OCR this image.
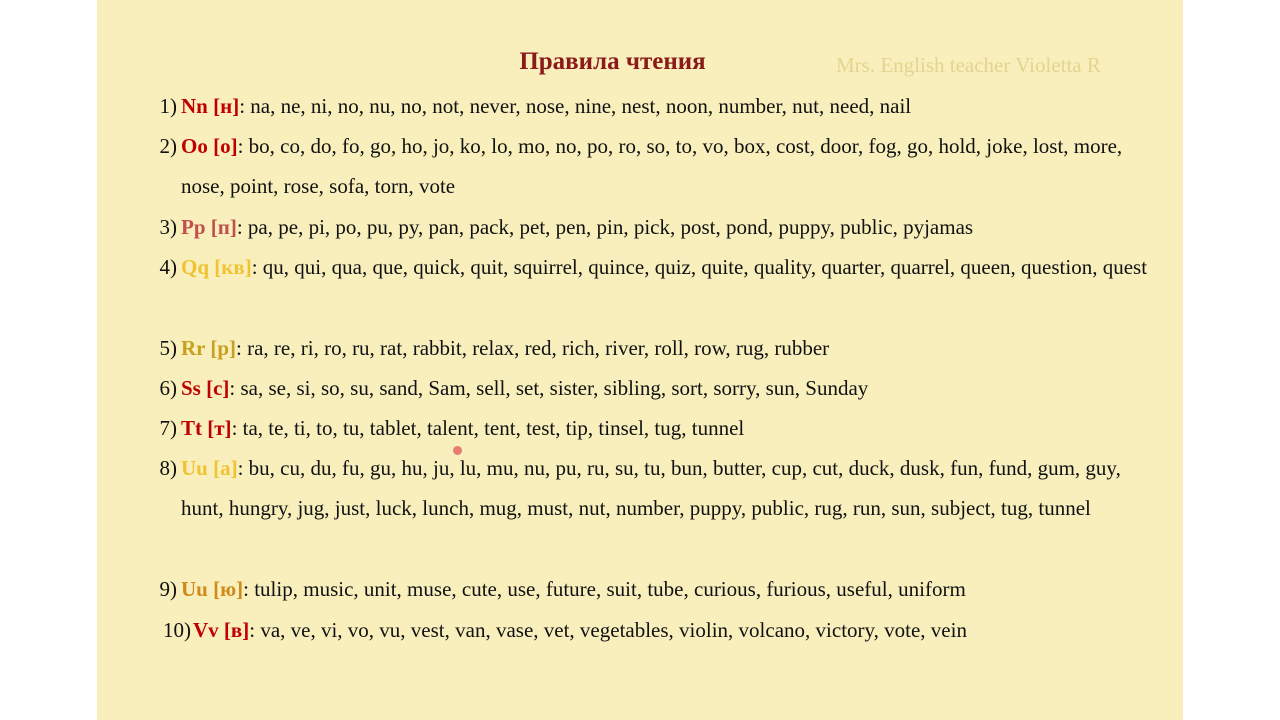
Правила чтения	Mrs. English teacher Violetta R
1) Nn [н]: na, ne, ni, no, nu, no, not, never, nose, nine, nest, noon, number, nut, need, nail
2) Oo [о]: bo, co, do, fo, go, ho, jo, ko, lo, mo, no, po, ro, so, to, vo, box, cost, door, fog, go, hold, joke, lost, more, nose, point, rose, sofa, torn, vote
3) Pp [п]: pa, pe, pi, po, pu, py, pan, pack, pet, pen, pin, pick, post, pond, puppy, public, pyjamas
4) Qq [кв]: qu, qui, qua, que, quick, quit, squirrel, quince, quiz, quite, quality, quarter, quarrel, queen, question, quest
5) Rr [р]: ra, re, ri, ro, ru, rat, rabbit, relax, red, rich, river, roll, row, rug, rubber
6) Ss [c]: sa, se, si, so, su, sand, Sam, sell, set, sister, sibling, sort, sorry, sun, Sunday
7) Tt [т]: ta, te, ti, to, tu, tablet, talent, tent, test, tip, tinsel, tug, tunnel
8) Uu [а]: bu, cu, du, fu, gu, hu, ju, lu, mu, nu, pu, ru, su, tu, bun, butter, cup, cut, duck, dusk, fun, fund, gum, guy, hunt, hungry, jug, just, luck, lunch, mug, must, nut, number, puppy, public, rug, run, sun, subject, tug, tunnel
9) Uu [ю]: tulip, music, unit, muse, cute, use, future, suit, tube, curious, furious, useful, uniform
10) Vv [в]: va, ve, vi, vo, vu, vest, van, vase, vet, vegetables, violin, volcano, victory, vote, vein
